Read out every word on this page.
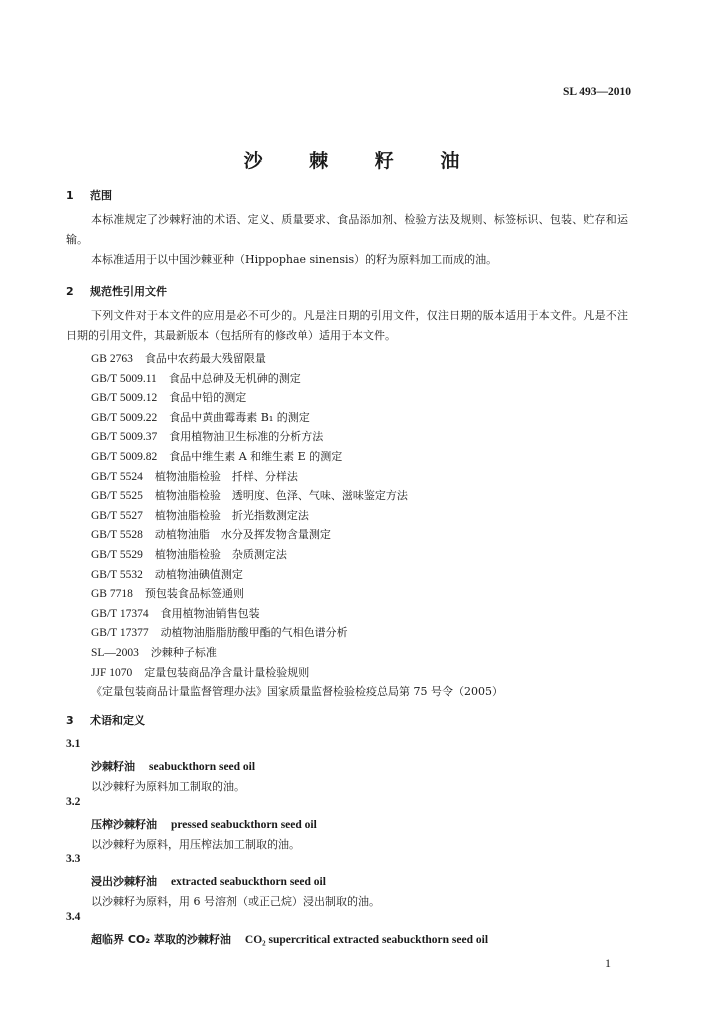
SL 493—2010
沙 棘 籽 油
1 范围
本标准规定了沙棘籽油的术语、定义、质量要求、食品添加剂、检验方法及规则、标签标识、包装、贮存和运输。
本标准适用于以中国沙棘亚种（Hippophae sinensis）的籽为原料加工而成的油。
2 规范性引用文件
下列文件对于本文件的应用是必不可少的。凡是注日期的引用文件，仅注日期的版本适用于本文件。凡是不注日期的引用文件，其最新版本（包括所有的修改单）适用于本文件。
GB 2763 食品中农药最大残留限量
GB/T 5009.11 食品中总砷及无机砷的测定
GB/T 5009.12 食品中铅的测定
GB/T 5009.22 食品中黄曲霉毒素 B₁ 的测定
GB/T 5009.37 食用植物油卫生标准的分析方法
GB/T 5009.82 食品中维生素 A 和维生素 E 的测定
GB/T 5524 植物油脂检验　扦样、分样法
GB/T 5525 植物油脂检验　透明度、色泽、气味、滋味鉴定方法
GB/T 5527 植物油脂检验　折光指数测定法
GB/T 5528 动植物油脂　水分及挥发物含量测定
GB/T 5529 植物油脂检验　杂质测定法
GB/T 5532 动植物油碘值测定
GB 7718 预包装食品标签通则
GB/T 17374 食用植物油销售包装
GB/T 17377 动植物油脂脂肪酸甲酯的气相色谱分析
SL—2003 沙棘种子标准
JJF 1070 定量包装商品净含量计量检验规则
《定量包装商品计量监督管理办法》国家质量监督检验检疫总局第 75 号令（2005）
3 术语和定义
3.1
沙棘籽油 seabuckthorn seed oil
以沙棘籽为原料加工制取的油。
3.2
压榨沙棘籽油 pressed seabuckthorn seed oil
以沙棘籽为原料，用压榨法加工制取的油。
3.3
浸出沙棘籽油 extracted seabuckthorn seed oil
以沙棘籽为原料，用 6 号溶剂（或正己烷）浸出制取的油。
3.4
超临界 CO₂ 萃取的沙棘籽油 CO₂ supercritical extracted seabuckthorn seed oil
1
